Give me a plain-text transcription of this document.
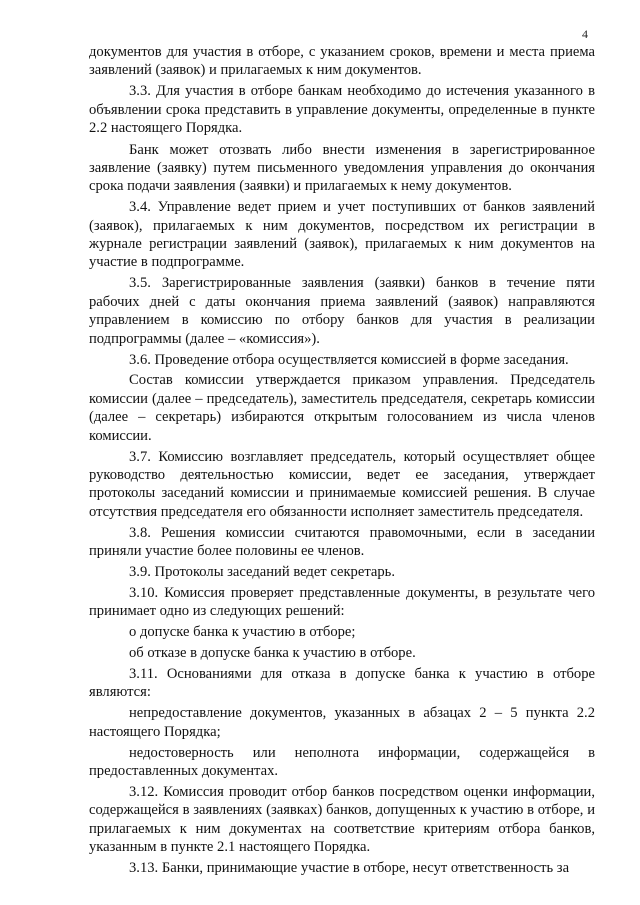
4

документов для участия в отборе, с указанием сроков, времени и места приема заявлений (заявок) и прилагаемых к ним документов.

3.3. Для участия в отборе банкам необходимо до истечения указанного в объявлении срока представить в управление документы, определенные в пункте 2.2 настоящего Порядка.

Банк может отозвать либо внести изменения в зарегистрированное заявление (заявку) путем письменного уведомления управления до окончания срока подачи заявления (заявки) и прилагаемых к нему документов.

3.4. Управление ведет прием и учет поступивших от банков заявлений (заявок), прилагаемых к ним документов, посредством их регистрации в журнале регистрации заявлений (заявок), прилагаемых к ним документов на участие в подпрограмме.

3.5. Зарегистрированные заявления (заявки) банков в течение пяти рабочих дней с даты окончания приема заявлений (заявок) направляются управлением в комиссию по отбору банков для участия в реализации подпрограммы (далее – «комиссия»).

3.6. Проведение отбора осуществляется комиссией в форме заседания.

Состав комиссии утверждается приказом управления. Председатель комиссии (далее – председатель), заместитель председателя, секретарь комиссии (далее – секретарь) избираются открытым голосованием из числа членов комиссии.

3.7. Комиссию возглавляет председатель, который осуществляет общее руководство деятельностью комиссии, ведет ее заседания, утверждает протоколы заседаний комиссии и принимаемые комиссией решения. В случае отсутствия председателя его обязанности исполняет заместитель председателя.

3.8. Решения комиссии считаются правомочными, если в заседании приняли участие более половины ее членов.

3.9. Протоколы заседаний ведет секретарь.

3.10. Комиссия проверяет представленные документы, в результате чего принимает одно из следующих решений:

о допуске банка к участию в отборе;

об отказе в допуске банка к участию в отборе.

3.11. Основаниями для отказа в допуске банка к участию в отборе являются:

непредоставление документов, указанных в абзацах 2 – 5 пункта 2.2 настоящего Порядка;

недостоверность или неполнота информации, содержащейся в предоставленных документах.

3.12. Комиссия проводит отбор банков посредством оценки информации, содержащейся в заявлениях (заявках) банков, допущенных к участию в отборе, и прилагаемых к ним документах на соответствие критериям отбора банков, указанным в пункте 2.1 настоящего Порядка.

3.13. Банки, принимающие участие в отборе, несут ответственность за
